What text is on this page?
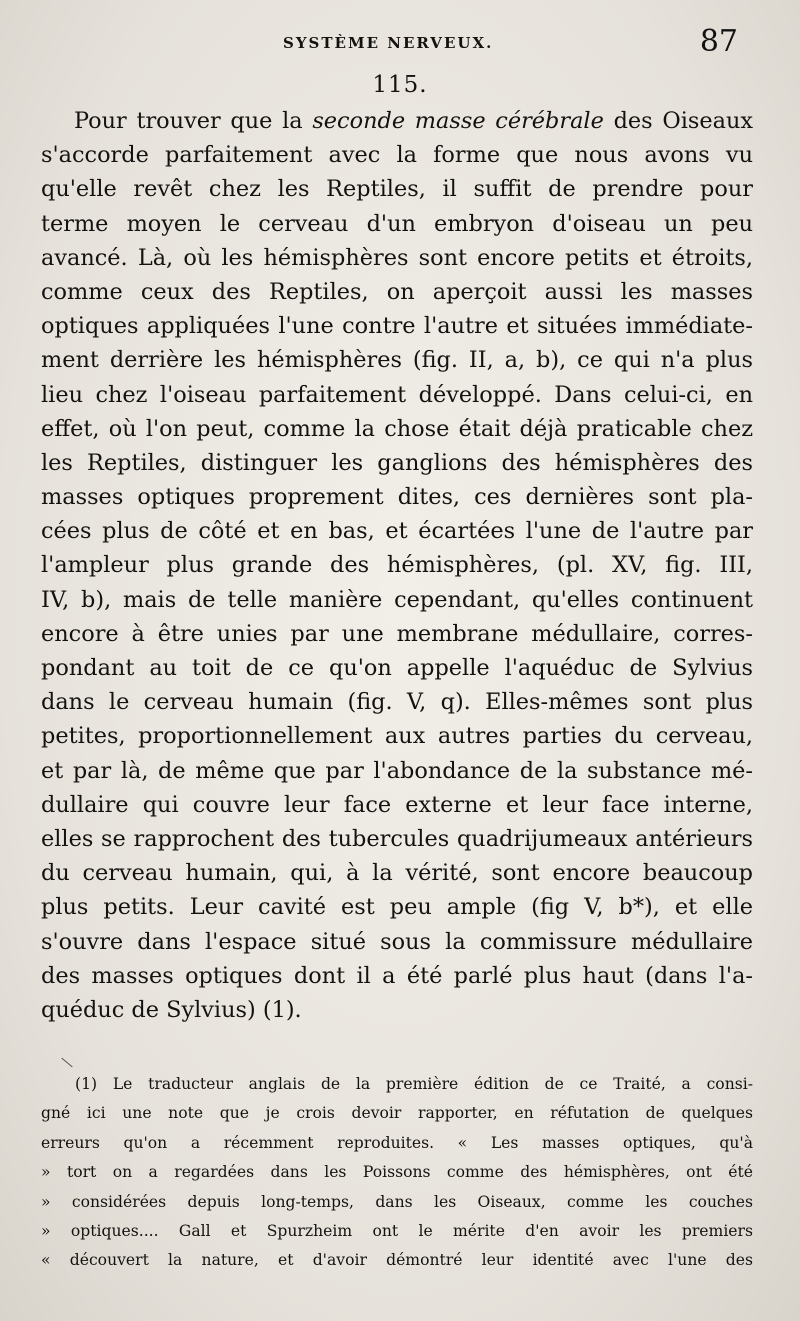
SYSTÈME NERVEUX.	87
115.
Pour trouver que la seconde masse cérébrale des Oiseaux
s'accorde parfaitement avec la forme que nous avons vu
qu'elle revêt chez les Reptiles, il suffit de prendre pour
terme moyen le cerveau d'un embryon d'oiseau un peu
avancé. Là, où les hémisphères sont encore petits et étroits,
comme ceux des Reptiles, on aperçoit aussi les masses
optiques appliquées l'une contre l'autre et situées immédiate-
ment derrière les hémisphères (fig. II, a, b), ce qui n'a plus
lieu chez l'oiseau parfaitement développé. Dans celui-ci, en
effet, où l'on peut, comme la chose était déjà praticable chez
les Reptiles, distinguer les ganglions des hémisphères des
masses optiques proprement dites, ces dernières sont pla-
cées plus de côté et en bas, et écartées l'une de l'autre par
l'ampleur plus grande des hémisphères, (pl. XV, fig. III,
IV, b), mais de telle manière cependant, qu'elles continuent
encore à être unies par une membrane médullaire, corres-
pondant au toit de ce qu'on appelle l'aquéduc de Sylvius
dans le cerveau humain (fig. V, q). Elles-mêmes sont plus
petites, proportionnellement aux autres parties du cerveau,
et par là, de même que par l'abondance de la substance mé-
dullaire qui couvre leur face externe et leur face interne,
elles se rapprochent des tubercules quadrijumeaux antérieurs
du cerveau humain, qui, à la vérité, sont encore beaucoup
plus petits. Leur cavité est peu ample (fig V, b*), et elle
s'ouvre dans l'espace situé sous la commissure médullaire
des masses optiques dont il a été parlé plus haut (dans l'a-
quéduc de Sylvius) (1).
(1) Le traducteur anglais de la première édition de ce Traité, a consi-
gné ici une note que je crois devoir rapporter, en réfutation de quelques
erreurs qu'on a récemment reproduites. « Les masses optiques, qu'à
» tort on a regardées dans les Poissons comme des hémisphères, ont été
» considérées depuis long-temps, dans les Oiseaux, comme les couches
» optiques.... Gall et Spurzheim ont le mérite d'en avoir les premiers
« découvert la nature, et d'avoir démontré leur identité avec l'une des
